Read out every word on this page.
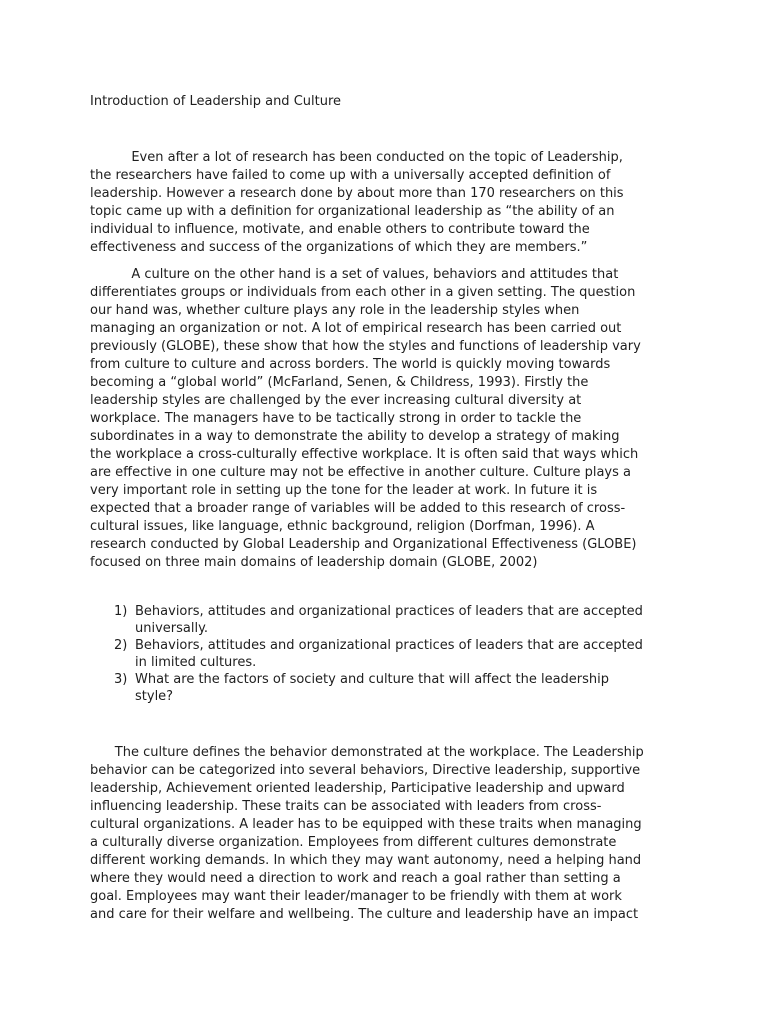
Introduction of Leadership and Culture
Even after a lot of research has been conducted on the topic of Leadership,
the researchers have failed to come up with a universally accepted definition of
leadership. However a research done by about more than 170 researchers on this
topic came up with a definition for organizational leadership as “the ability of an
individual to influence, motivate, and enable others to contribute toward the
effectiveness and success of the organizations of which they are members.”
A culture on the other hand is a set of values, behaviors and attitudes that
differentiates groups or individuals from each other in a given setting. The question
our hand was, whether culture plays any role in the leadership styles when
managing an organization or not. A lot of empirical research has been carried out
previously (GLOBE), these show that how the styles and functions of leadership vary
from culture to culture and across borders. The world is quickly moving towards
becoming a “global world” (McFarland, Senen, & Childress, 1993). Firstly the
leadership styles are challenged by the ever increasing cultural diversity at
workplace. The managers have to be tactically strong in order to tackle the
subordinates in a way to demonstrate the ability to develop a strategy of making
the workplace a cross-culturally effective workplace. It is often said that ways which
are effective in one culture may not be effective in another culture. Culture plays a
very important role in setting up the tone for the leader at work. In future it is
expected that a broader range of variables will be added to this research of cross-
cultural issues, like language, ethnic background, religion (Dorfman, 1996). A
research conducted by Global Leadership and Organizational Effectiveness (GLOBE)
focused on three main domains of leadership domain (GLOBE, 2002)
1) Behaviors, attitudes and organizational practices of leaders that are accepted
universally.
2) Behaviors, attitudes and organizational practices of leaders that are accepted
in limited cultures.
3) What are the factors of society and culture that will affect the leadership
style?
The culture defines the behavior demonstrated at the workplace. The Leadership
behavior can be categorized into several behaviors, Directive leadership, supportive
leadership, Achievement oriented leadership, Participative leadership and upward
influencing leadership. These traits can be associated with leaders from cross-
cultural organizations. A leader has to be equipped with these traits when managing
a culturally diverse organization. Employees from different cultures demonstrate
different working demands. In which they may want autonomy, need a helping hand
where they would need a direction to work and reach a goal rather than setting a
goal. Employees may want their leader/manager to be friendly with them at work
and care for their welfare and wellbeing. The culture and leadership have an impact
